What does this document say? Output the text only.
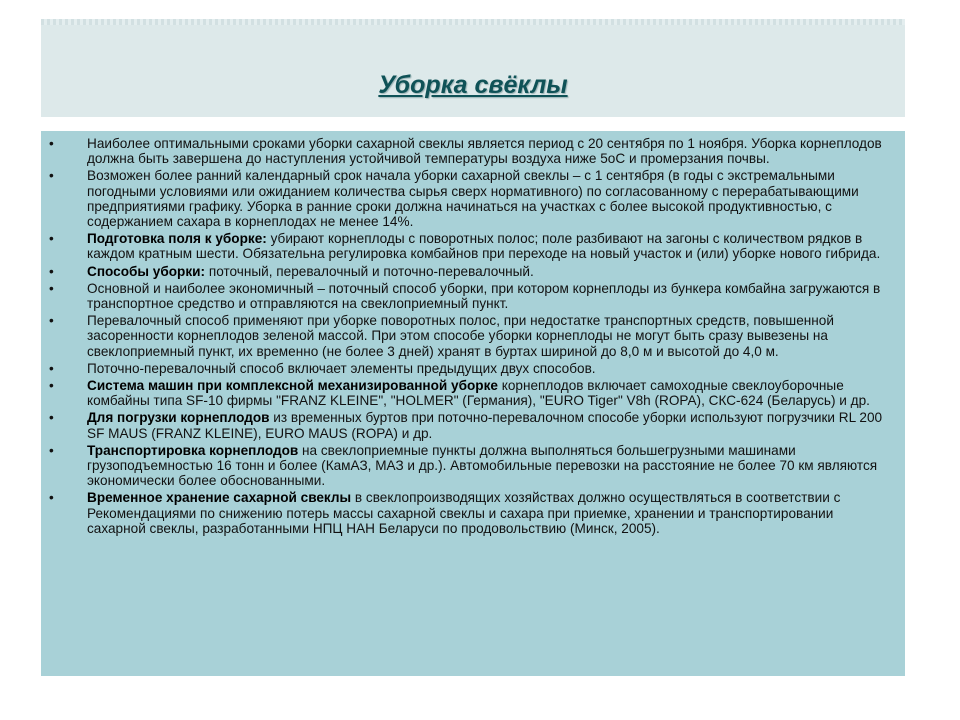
Уборка свёклы
• Наиболее оптимальными сроками уборки сахарной свеклы является период с 20 сентября по 1 ноября. Уборка корнеплодов должна быть завершена до наступления устойчивой температуры воздуха ниже 5оС и промерзания почвы.
• Возможен более ранний календарный срок начала уборки сахарной свеклы – с 1 сентября (в годы с экстремальными погодными условиями или ожиданием количества сырья сверх нормативного) по согласованному с перерабатывающими предприятиями графику. Уборка в ранние сроки должна начинаться на участках с более высокой продуктивностью, с содержанием сахара в корнеплодах не менее 14%.
• Подготовка поля к уборке: убирают корнеплоды с поворотных полос; поле разбивают на загоны с количеством рядков в каждом кратным шести. Обязательна регулировка комбайнов при переходе на новый участок и (или) уборке нового гибрида.
• Способы уборки: поточный, перевалочный и поточно-перевалочный.
• Основной и наиболее экономичный – поточный способ уборки, при котором корнеплоды из бункера комбайна загружаются в транспортное средство и отправляются на свеклоприемный пункт.
• Перевалочный способ применяют при уборке поворотных полос, при недостатке транспортных средств, повышенной засоренности корнеплодов зеленой массой. При этом способе уборки корнеплоды не могут быть сразу вывезены на свеклоприемный пункт, их временно (не более 3 дней) хранят в буртах шириной до 8,0 м и высотой до 4,0 м.
• Поточно-перевалочный способ включает элементы предыдущих двух способов.
• Система машин при комплексной механизированной уборке корнеплодов включает самоходные свеклоуборочные комбайны типа SF-10 фирмы "FRANZ KLEINE", "HOLMER" (Германия), "EURO Tiger" V8h (ROPA), СКС-624 (Беларусь) и др.
• Для погрузки корнеплодов из временных буртов при поточно-перевалочном способе уборки используют погрузчики RL 200 SF MAUS (FRANZ KLEINE), EURO MAUS (ROPA) и др.
• Транспортировка корнеплодов на свеклоприемные пункты должна выполняться большегрузными машинами грузоподъемностью 16 тонн и более (КамАЗ, МАЗ и др.). Автомобильные перевозки на расстояние не более 70 км являются экономически более обоснованными.
• Временное хранение сахарной свеклы в свеклопроизводящих хозяйствах должно осуществляться в соответствии с Рекомендациями по снижению потерь массы сахарной свеклы и сахара при приемке, хранении и транспортировании сахарной свеклы, разработанными НПЦ НАН Беларуси по продовольствию (Минск, 2005).
